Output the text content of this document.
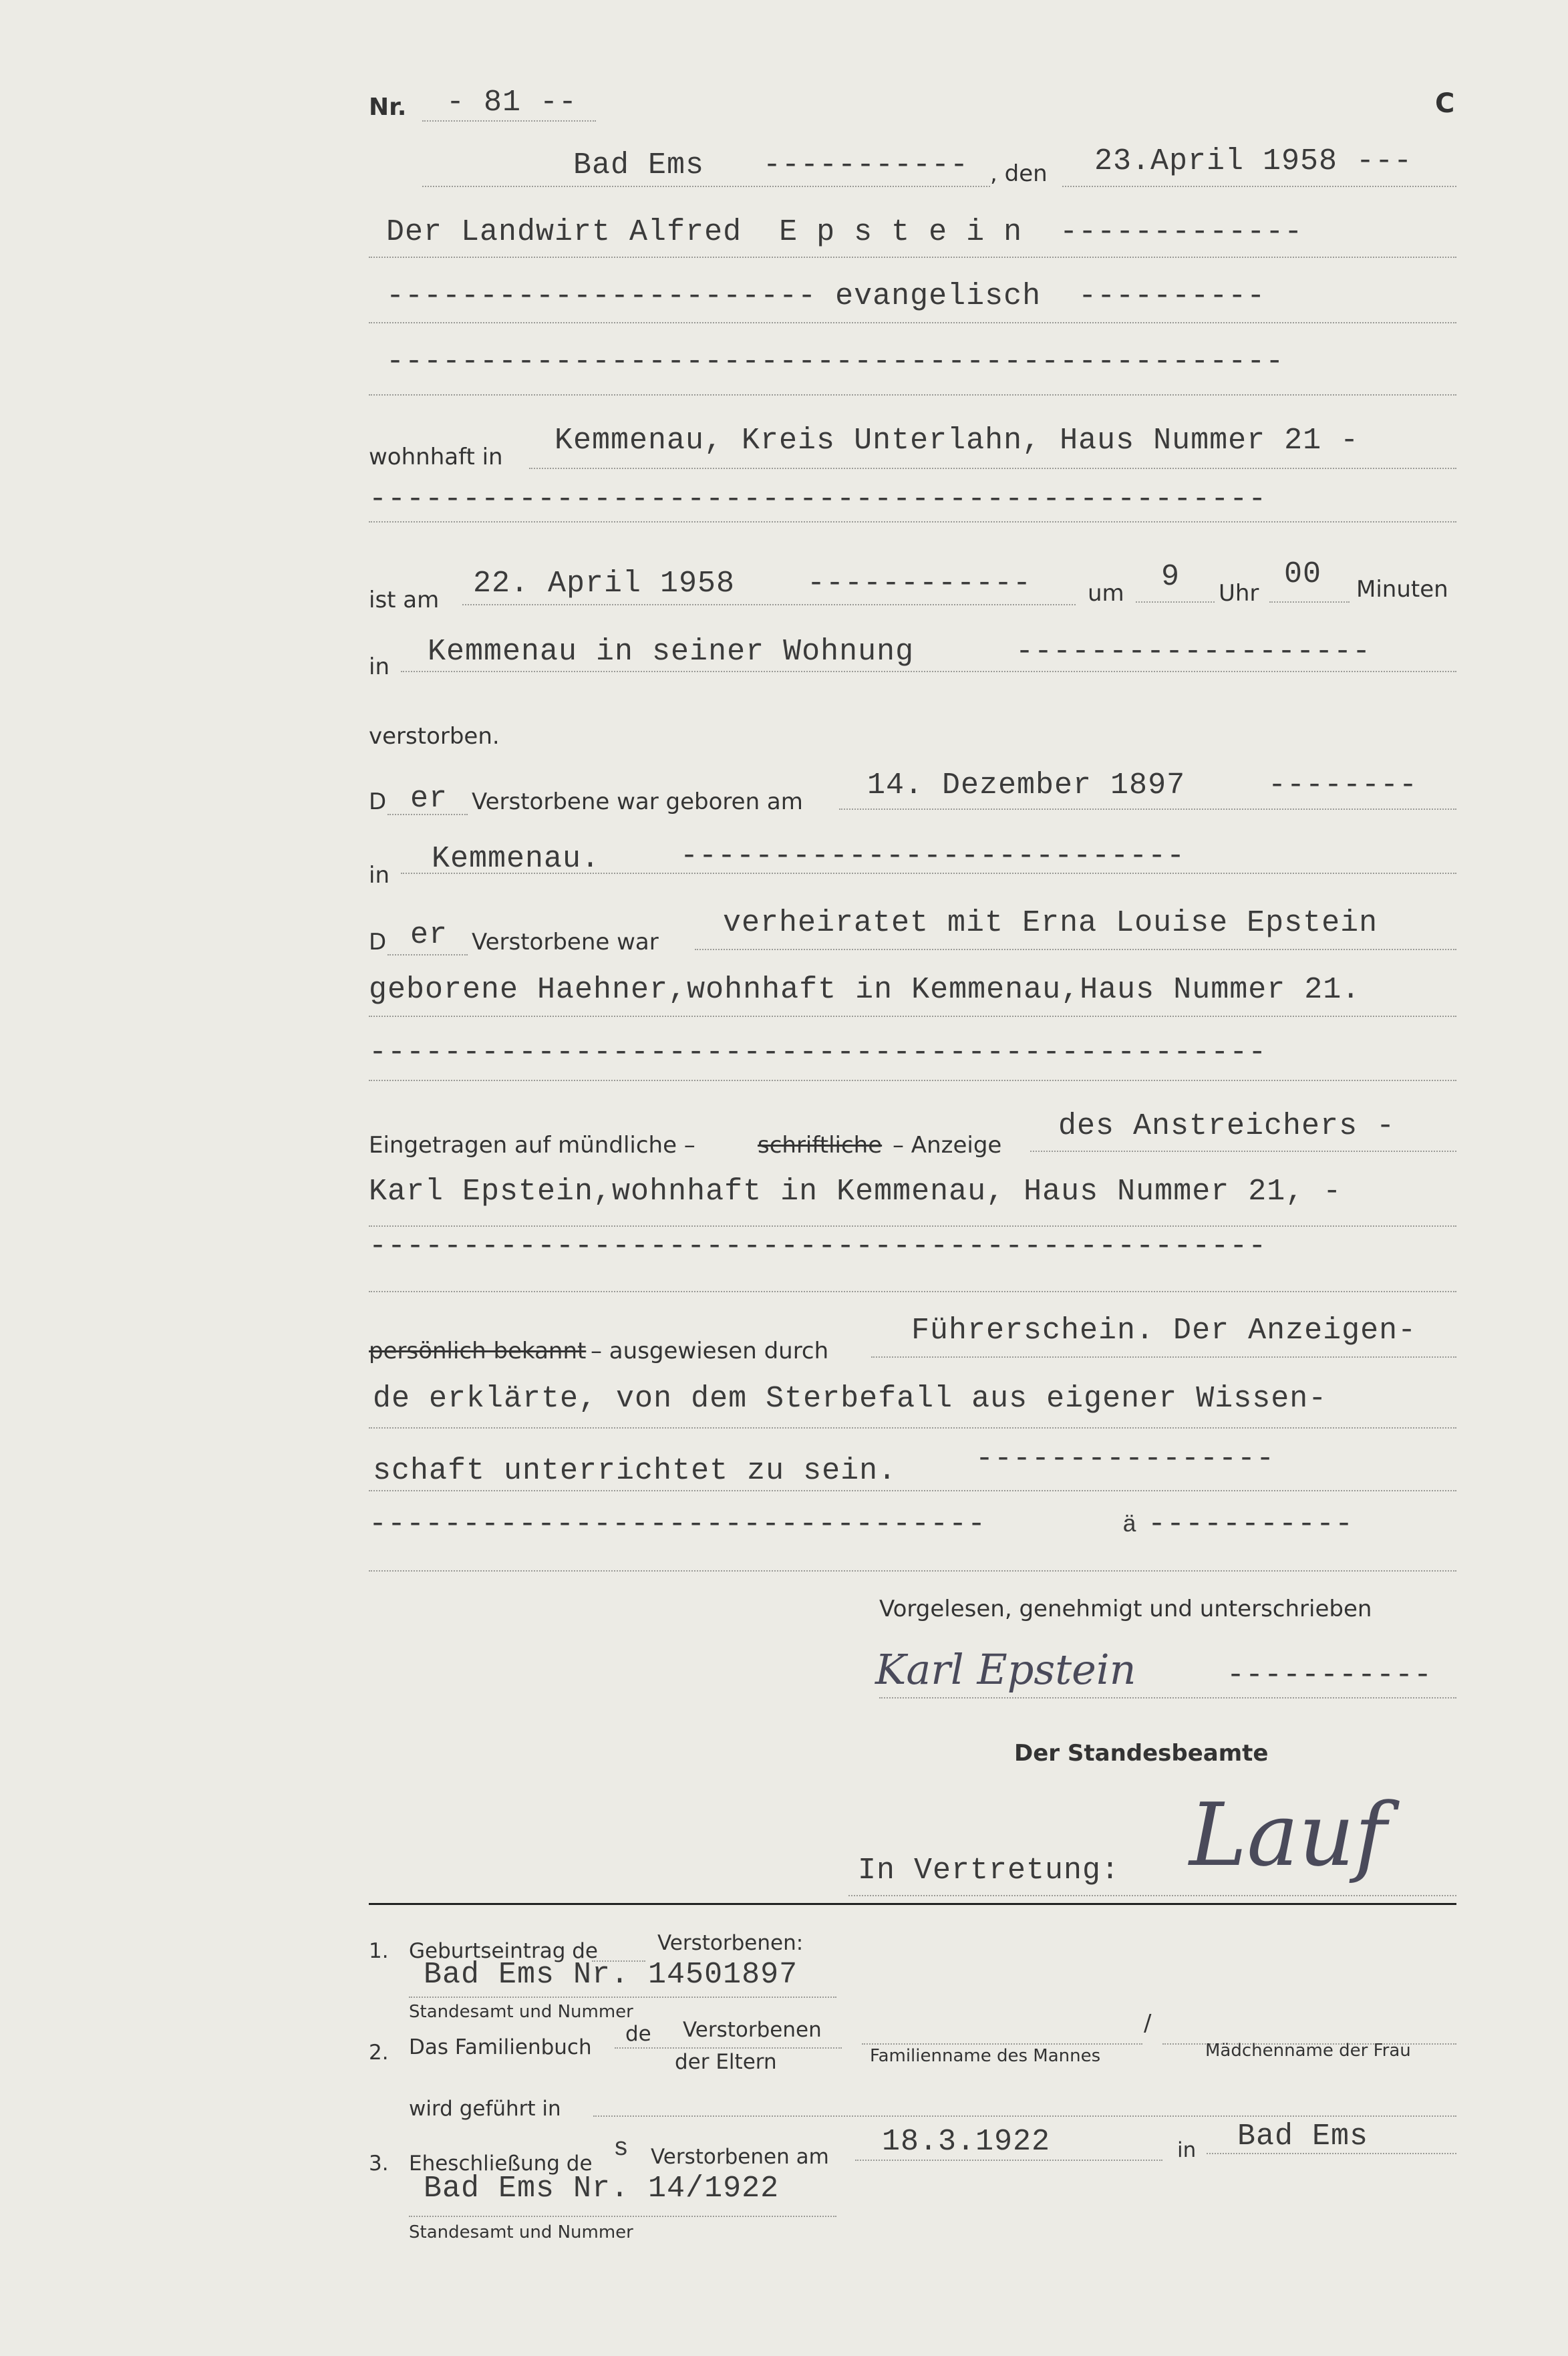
Nr. - 81 --	C
Bad Ems ----------- , den 23.April 1958 ---
Der Landwirt Alfred  E p s t e i n  -------------
----------------------- evangelisch  ----------
------------------------------------------------
wohnhaft in Kemmenau, Kreis Unterlahn, Haus Nummer 21 -
------------------------------------------------
ist am 22. April 1958 ------------ um 9 Uhr
00 Minuten
in Kemmenau in seiner Wohnung	-------------------
verstorben.
D er Verstorbene war geboren am 14. Dezember 1897	--------
in Kemmenau.	---------------------------
D er Verstorbene war
verheiratet mit Erna Louise Epstein
geborene Haehner,wohnhaft in Kemmenau,Haus Nummer 21.
------------------------------------------------
Eingetragen auf mündliche –	schriftliche – Anzeige
des Anstreichers -
Karl Epstein,wohnhaft in Kemmenau, Haus Nummer 21, -
------------------------------------------------
persönlich bekannt – ausgewiesen durch
Führerschein. Der Anzeigen-
de erklärte, von dem Sterbefall aus eigener Wissen-
schaft unterrichtet zu sein.	----------------
---------------------------------	ä -----------
Vorgelesen, genehmigt und unterschrieben
Karl Epstein	-----------
Der Standesbeamte
In Vertretung: Lauf
1. Geburtseintrag de	Verstorbenen:
Bad Ems Nr. 14501897
Standesamt und Nummer
2. Das Familienbuch
de Verstorbenen
der Eltern	Familienname des Mannes
/
Mädchenname der Frau
wird geführt in
3. Eheschließung de
s Verstorbenen am 18.3.1922	in Bad Ems
Bad Ems Nr. 14/1922
Standesamt und Nummer
